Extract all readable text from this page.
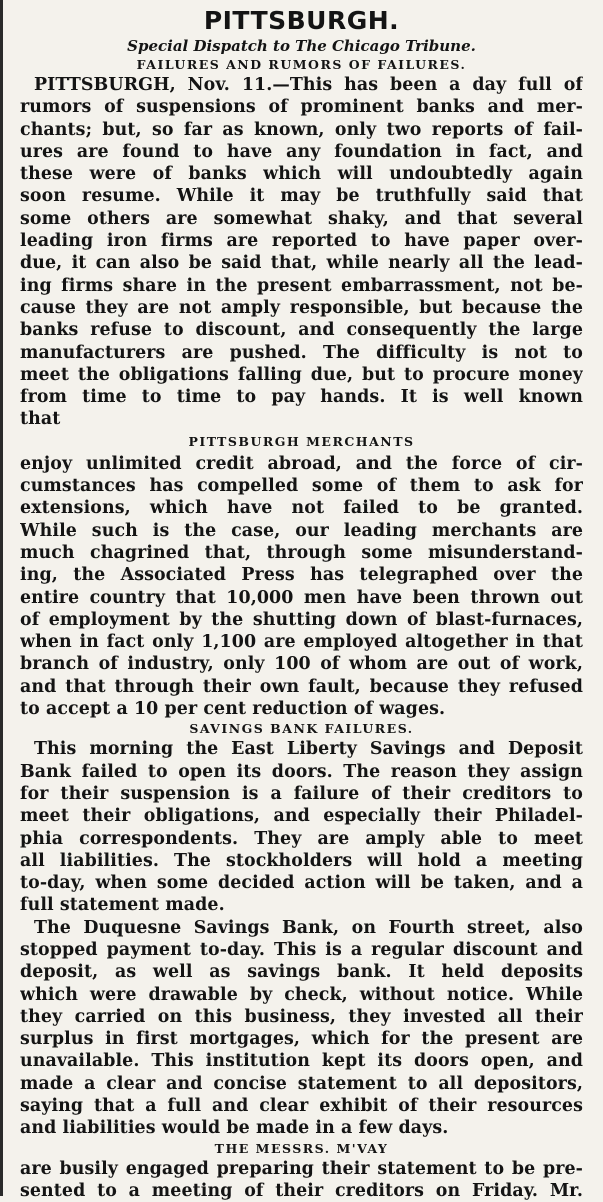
PITTSBURGH.
Special Dispatch to The Chicago Tribune.
FAILURES AND RUMORS OF FAILURES.
PITTSBURGH, Nov. 11.—This has been a day full of
rumors of suspensions of prominent banks and mer-
chants; but, so far as known, only two reports of fail-
ures are found to have any foundation in fact, and
these were of banks which will undoubtedly again
soon resume. While it may be truthfully said that
some others are somewhat shaky, and that several
leading iron firms are reported to have paper over-
due, it can also be said that, while nearly all the lead-
ing firms share in the present embarrassment, not be-
cause they are not amply responsible, but because the
banks refuse to discount, and consequently the large
manufacturers are pushed. The difficulty is not to
meet the obligations falling due, but to procure money
from time to time to pay hands. It is well known
that
PITTSBURGH MERCHANTS
enjoy unlimited credit abroad, and the force of cir-
cumstances has compelled some of them to ask for
extensions, which have not failed to be granted.
While such is the case, our leading merchants are
much chagrined that, through some misunderstand-
ing, the Associated Press has telegraphed over the
entire country that 10,000 men have been thrown out
of employment by the shutting down of blast-furnaces,
when in fact only 1,100 are employed altogether in that
branch of industry, only 100 of whom are out of work,
and that through their own fault, because they refused
to accept a 10 per cent reduction of wages.
SAVINGS BANK FAILURES.
This morning the East Liberty Savings and Deposit
Bank failed to open its doors. The reason they assign
for their suspension is a failure of their creditors to
meet their obligations, and especially their Philadel-
phia correspondents. They are amply able to meet
all liabilities. The stockholders will hold a meeting
to-day, when some decided action will be taken, and a
full statement made.
The Duquesne Savings Bank, on Fourth street, also
stopped payment to-day. This is a regular discount and
deposit, as well as savings bank. It held deposits
which were drawable by check, without notice. While
they carried on this business, they invested all their
surplus in first mortgages, which for the present are
unavailable. This institution kept its doors open, and
made a clear and concise statement to all depositors,
saying that a full and clear exhibit of their resources
and liabilities would be made in a few days.
THE MESSRS. M'VAY
are busily engaged preparing their statement to be pre-
sented to a meeting of their creditors on Friday. Mr.
